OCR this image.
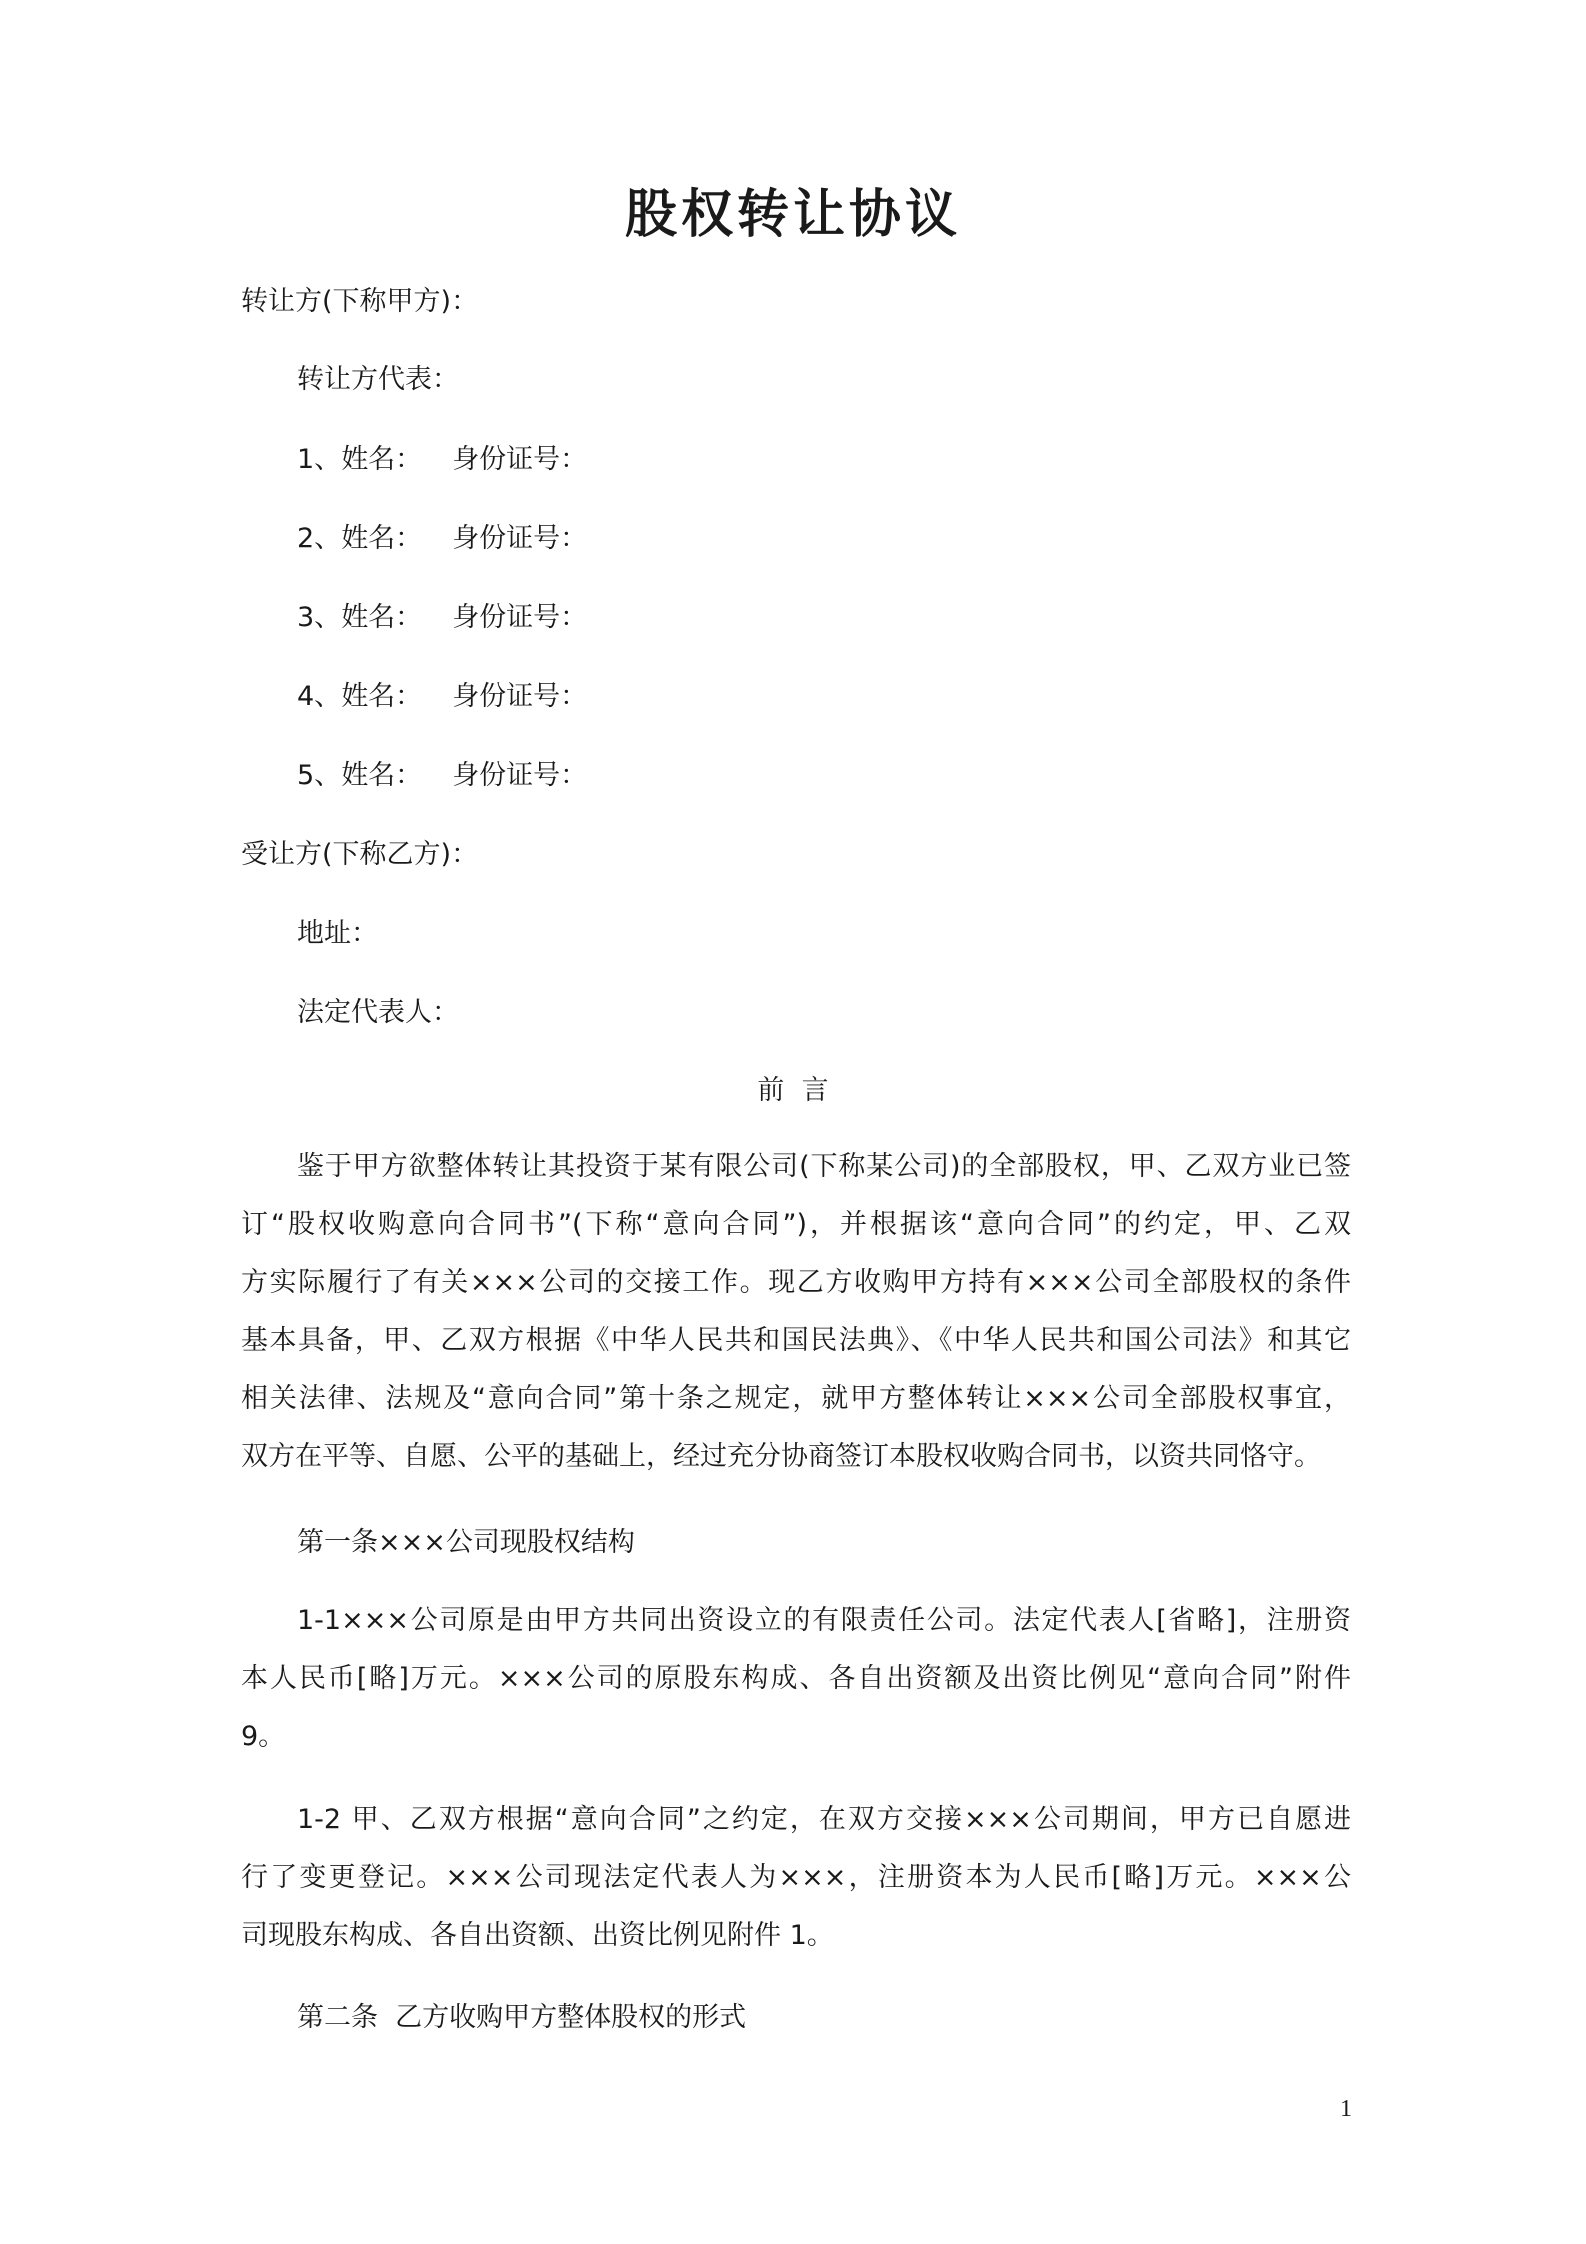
股权转让协议
转让方(下称甲方)：
转让方代表：
1、姓名： 身份证号：
2、姓名： 身份证号：
3、姓名： 身份证号：
4、姓名： 身份证号：
5、姓名： 身份证号：
受让方(下称乙方)：
地址：
法定代表人：
前  言
鉴于甲方欲整体转让其投资于某有限公司(下称某公司)的全部股权，甲、乙双方业已签
订“股权收购意向合同书”(下称“意向合同”)，并根据该“意向合同”的约定，甲、乙双
方实际履行了有关×××公司的交接工作。现乙方收购甲方持有×××公司全部股权的条件
基本具备，甲、乙双方根据《中华人民共和国民法典》、《中华人民共和国公司法》和其它
相关法律、法规及“意向合同”第十条之规定，就甲方整体转让×××公司全部股权事宜，
双方在平等、自愿、公平的基础上，经过充分协商签订本股权收购合同书，以资共同恪守。
第一条×××公司现股权结构
1-1×××公司原是由甲方共同出资设立的有限责任公司。法定代表人[省略]，注册资
本人民币[略]万元。×××公司的原股东构成、各自出资额及出资比例见“意向合同”附件
9。
1-2 甲、乙双方根据“意向合同”之约定，在双方交接×××公司期间，甲方已自愿进
行了变更登记。×××公司现法定代表人为×××，注册资本为人民币[略]万元。×××公
司现股东构成、各自出资额、出资比例见附件 1。
第二条  乙方收购甲方整体股权的形式
1
